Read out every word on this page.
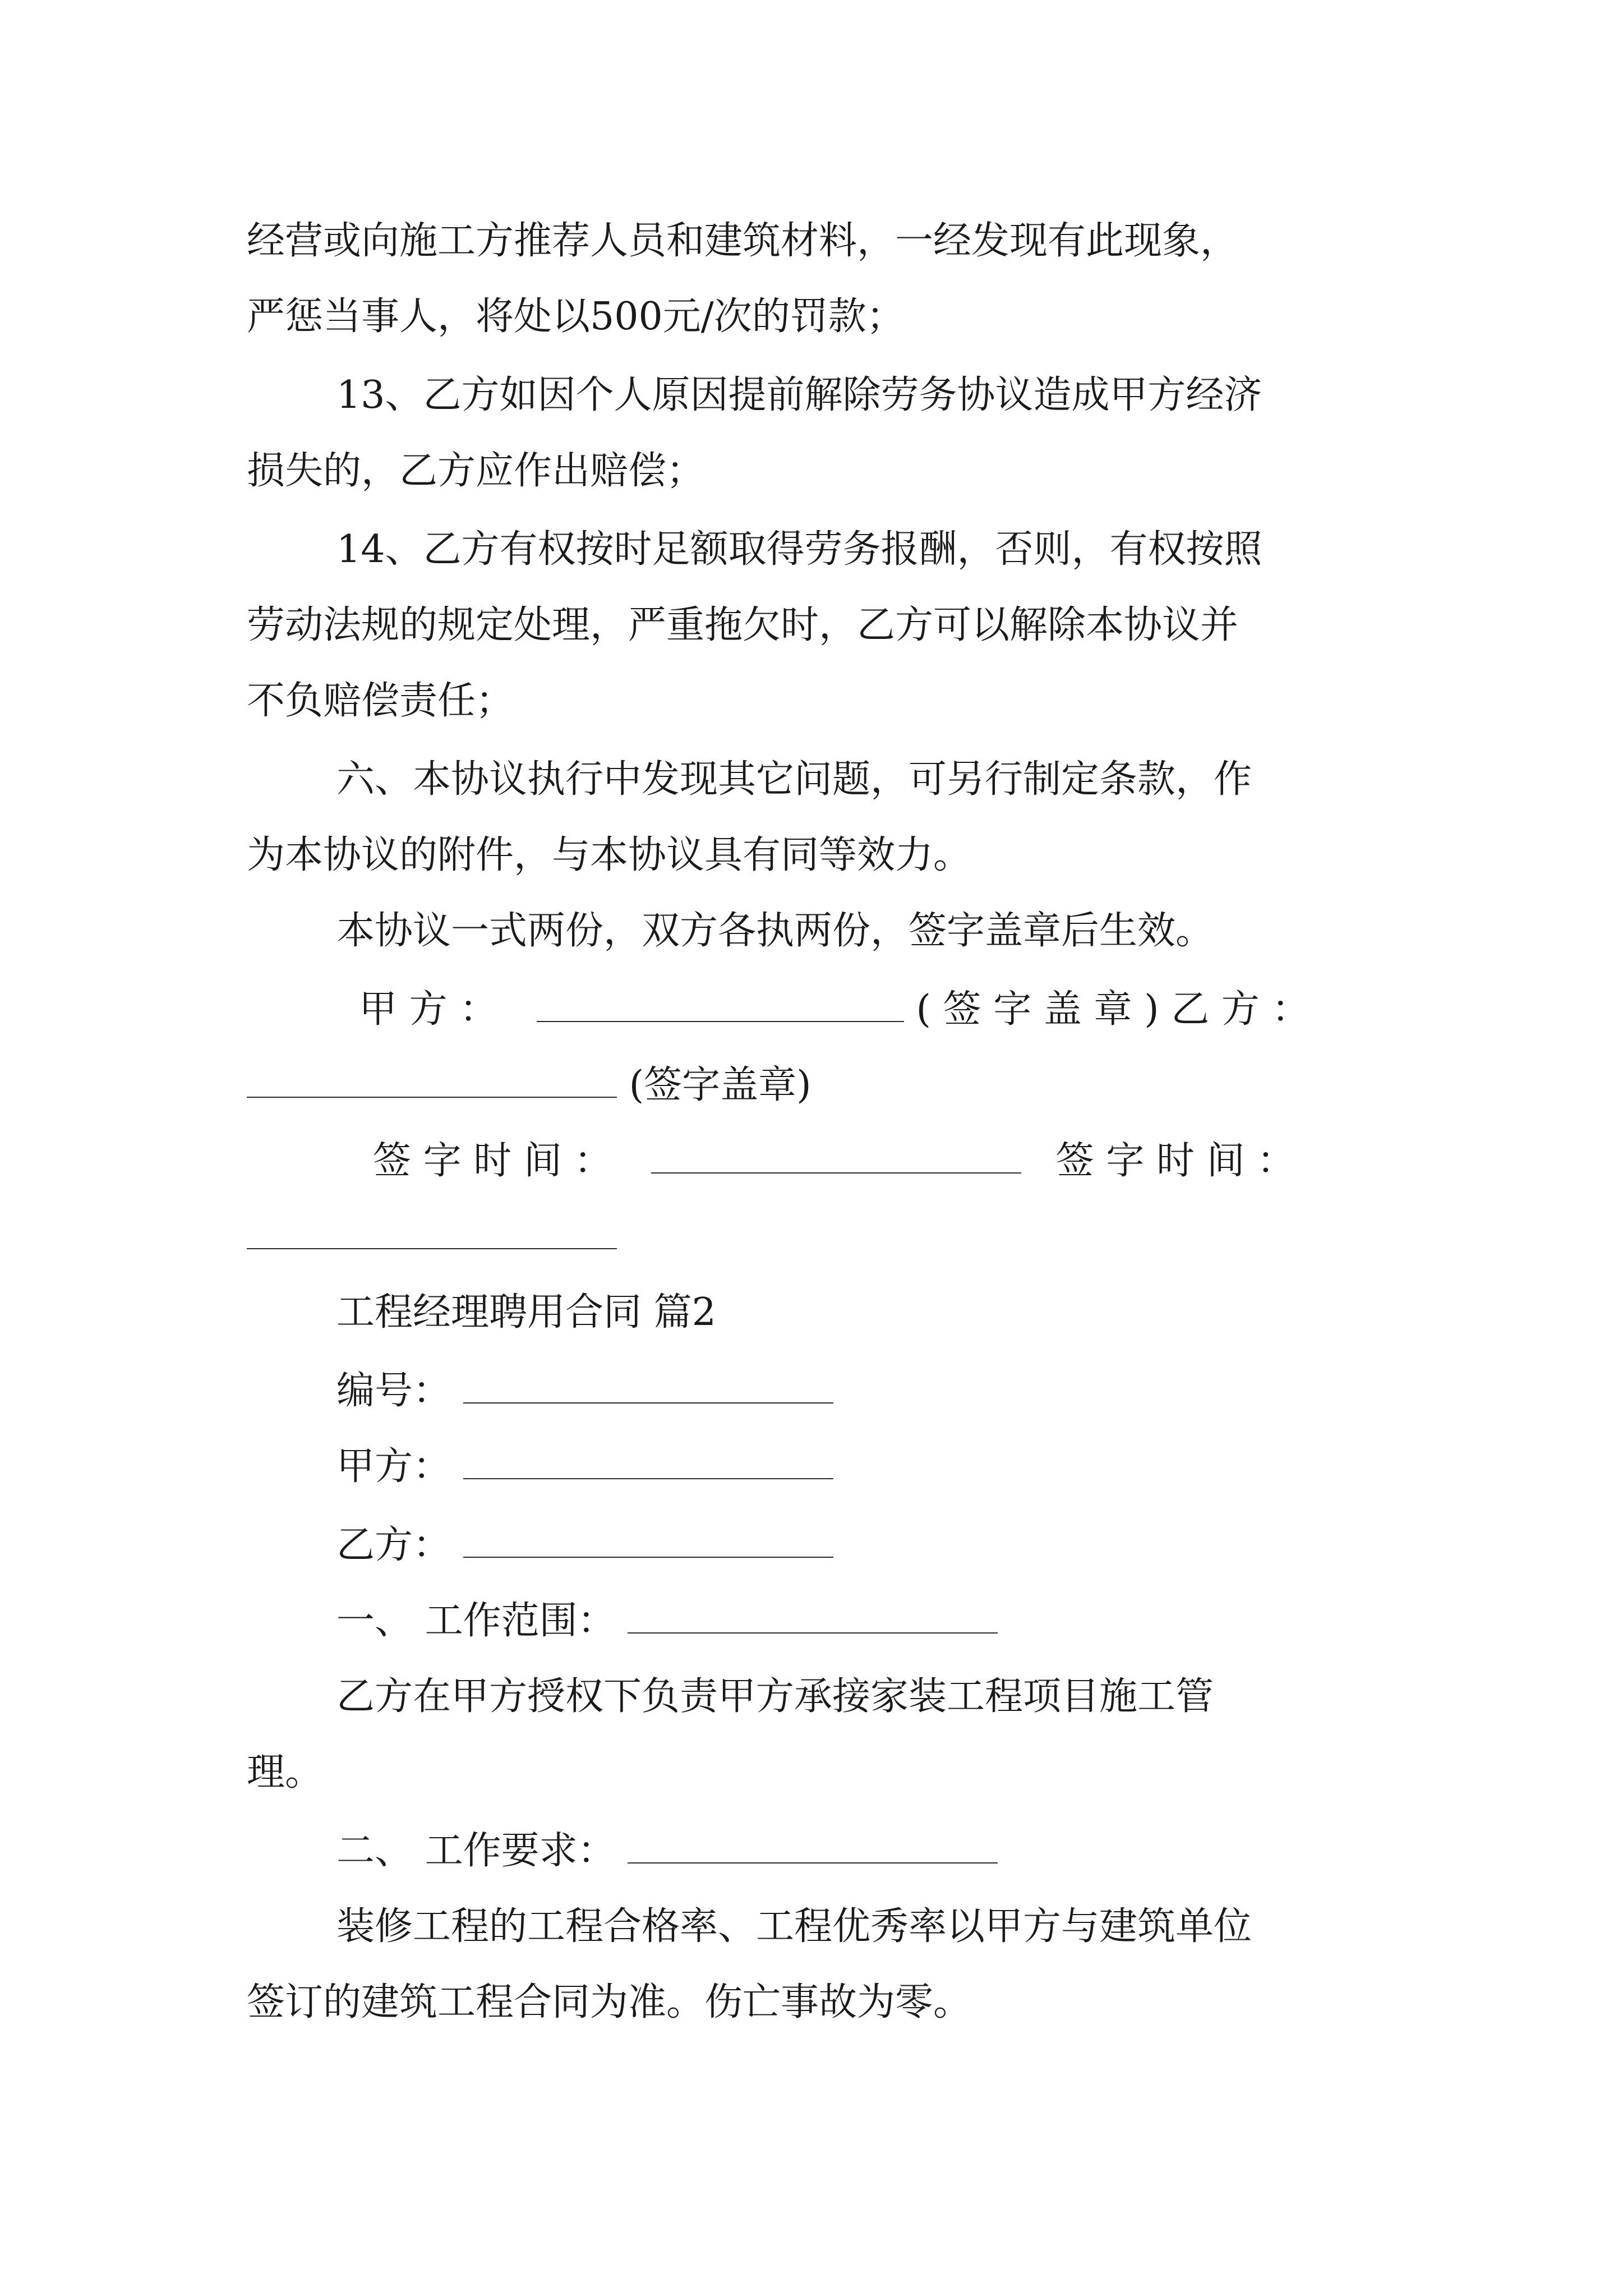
经营或向施工方推荐人员和建筑材料，一经发现有此现象，
严惩当事人，将处以500元/次的罚款；
13、乙方如因个人原因提前解除劳务协议造成甲方经济
损失的，乙方应作出赔偿；
14、乙方有权按时足额取得劳务报酬，否则，有权按照
劳动法规的规定处理，严重拖欠时，乙方可以解除本协议并
不负赔偿责任；
六、本协议执行中发现其它问题，可另行制定条款，作
为本协议的附件，与本协议具有同等效力。
本协议一式两份，双方各执两份，签字盖章后生效。
甲 方 ：	( 签 字 盖 章 ) 乙 方 ：
(签字盖章)
签 字 时 间 ：	签 字 时 间 ：
工程经理聘用合同 篇2
编号：
甲方：
乙方：
一、 工作范围：
乙方在甲方授权下负责甲方承接家装工程项目施工管
理。
二、 工作要求：
装修工程的工程合格率、工程优秀率以甲方与建筑单位
签订的建筑工程合同为准。伤亡事故为零。
